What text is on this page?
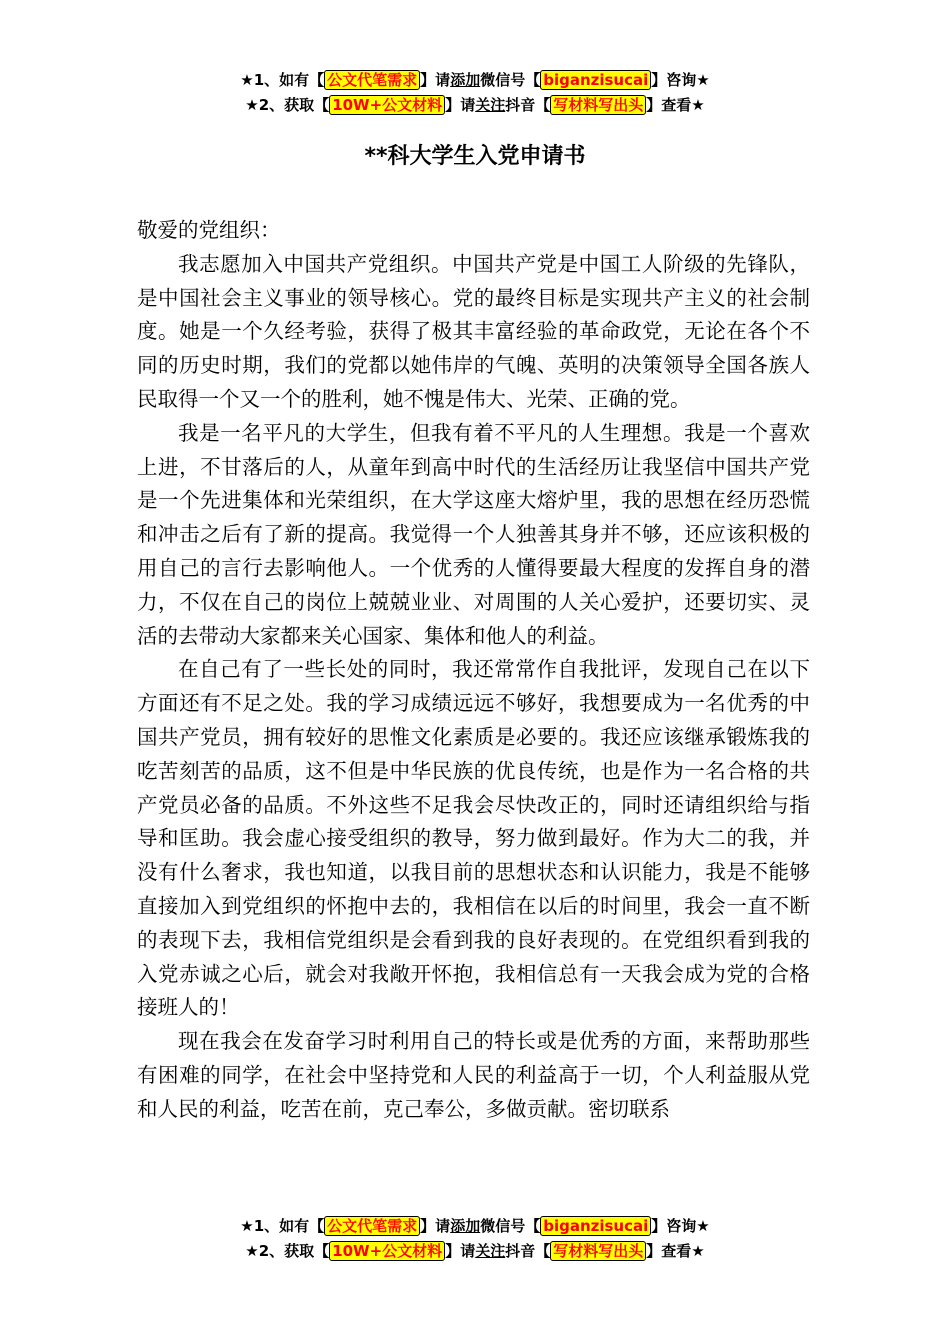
★1、如有【 公文代笔需求 】请添加微信号【 biganzisucai 】咨询★
★2、获取【 10W+公文材料 】请关注抖音【 写材料写出头 】查看★
**科大学生入党申请书

敬爱的党组织：

我志愿加入中国共产党组织。中国共产党是中国工人阶级的先锋队，是中国社会主义事业的领导核心。党的最终目标是实现共产主义的社会制度。她是一个久经考验，获得了极其丰富经验的革命政党，无论在各个不同的历史时期，我们的党都以她伟岸的气魄、英明的决策领导全国各族人民取得一个又一个的胜利，她不愧是伟大、光荣、正确的党。

我是一名平凡的大学生，但我有着不平凡的人生理想。我是一个喜欢上进，不甘落后的人，从童年到高中时代的生活经历让我坚信中国共产党是一个先进集体和光荣组织，在大学这座大熔炉里，我的思想在经历恐慌和冲击之后有了新的提高。我觉得一个人独善其身并不够，还应该积极的用自己的言行去影响他人。一个优秀的人懂得要最大程度的发挥自身的潜力，不仅在自己的岗位上兢兢业业、对周围的人关心爱护，还要切实、灵活的去带动大家都来关心国家、集体和他人的利益。

在自己有了一些长处的同时，我还常常作自我批评，发现自己在以下方面还有不足之处。我的学习成绩远远不够好，我想要成为一名优秀的中国共产党员，拥有较好的思惟文化素质是必要的。我还应该继承锻炼我的吃苦刻苦的品质，这不但是中华民族的优良传统，也是作为一名合格的共产党员必备的品质。不外这些不足我会尽快改正的，同时还请组织给与指导和匡助。我会虚心接受组织的教导，努力做到最好。作为大二的我，并没有什么奢求，我也知道，以我目前的思想状态和认识能力，我是不能够直接加入到党组织的怀抱中去的，我相信在以后的时间里，我会一直不断的表现下去，我相信党组织是会看到我的良好表现的。在党组织看到我的入党赤诚之心后，就会对我敞开怀抱，我相信总有一天我会成为党的合格接班人的！

现在我会在发奋学习时利用自己的特长或是优秀的方面，来帮助那些有困难的同学，在社会中坚持党和人民的利益高于一切，个人利益服从党和人民的利益，吃苦在前，克己奉公，多做贡献。密切联系

★1、如有【 公文代笔需求 】请添加微信号【 biganzisucai 】咨询★
★2、获取【 10W+公文材料 】请关注抖音【 写材料写出头 】查看★
